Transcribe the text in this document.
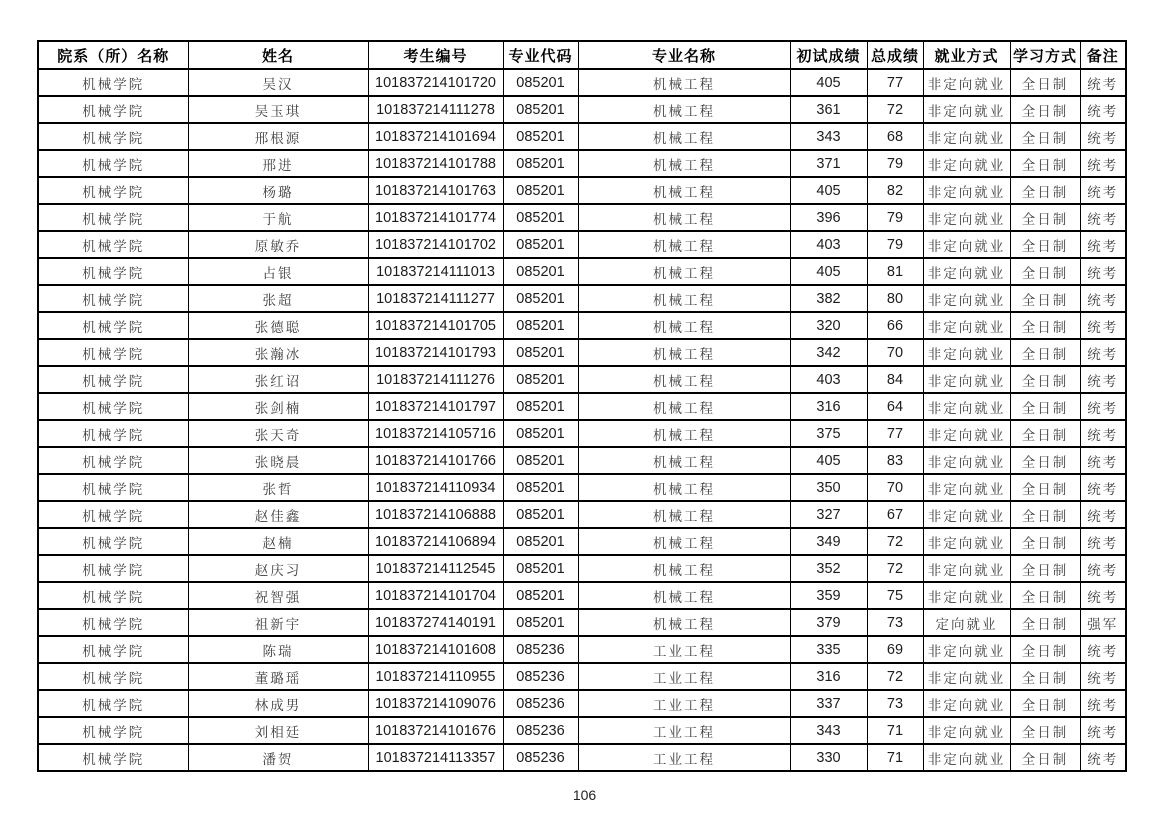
院系（所）名称	姓名	考生编号	专业代码	专业名称	初试成绩	总成绩	就业方式	学习方式	备注
机械学院	吴汉	101837214101720	085201	机械工程	405	77	非定向就业	全日制	统考
机械学院	吴玉琪	101837214111278	085201	机械工程	361	72	非定向就业	全日制	统考
机械学院	邢根源	101837214101694	085201	机械工程	343	68	非定向就业	全日制	统考
机械学院	邢进	101837214101788	085201	机械工程	371	79	非定向就业	全日制	统考
机械学院	杨璐	101837214101763	085201	机械工程	405	82	非定向就业	全日制	统考
机械学院	于航	101837214101774	085201	机械工程	396	79	非定向就业	全日制	统考
机械学院	原敏乔	101837214101702	085201	机械工程	403	79	非定向就业	全日制	统考
机械学院	占银	101837214111013	085201	机械工程	405	81	非定向就业	全日制	统考
机械学院	张超	101837214111277	085201	机械工程	382	80	非定向就业	全日制	统考
机械学院	张德聪	101837214101705	085201	机械工程	320	66	非定向就业	全日制	统考
机械学院	张瀚冰	101837214101793	085201	机械工程	342	70	非定向就业	全日制	统考
机械学院	张红诏	101837214111276	085201	机械工程	403	84	非定向就业	全日制	统考
机械学院	张剑楠	101837214101797	085201	机械工程	316	64	非定向就业	全日制	统考
机械学院	张天奇	101837214105716	085201	机械工程	375	77	非定向就业	全日制	统考
机械学院	张晓晨	101837214101766	085201	机械工程	405	83	非定向就业	全日制	统考
机械学院	张哲	101837214110934	085201	机械工程	350	70	非定向就业	全日制	统考
机械学院	赵佳鑫	101837214106888	085201	机械工程	327	67	非定向就业	全日制	统考
机械学院	赵楠	101837214106894	085201	机械工程	349	72	非定向就业	全日制	统考
机械学院	赵庆习	101837214112545	085201	机械工程	352	72	非定向就业	全日制	统考
机械学院	祝智强	101837214101704	085201	机械工程	359	75	非定向就业	全日制	统考
机械学院	祖新宇	101837274140191	085201	机械工程	379	73	定向就业	全日制	强军
机械学院	陈瑞	101837214101608	085236	工业工程	335	69	非定向就业	全日制	统考
机械学院	董璐瑶	101837214110955	085236	工业工程	316	72	非定向就业	全日制	统考
机械学院	林成男	101837214109076	085236	工业工程	337	73	非定向就业	全日制	统考
机械学院	刘相廷	101837214101676	085236	工业工程	343	71	非定向就业	全日制	统考
机械学院	潘贺	101837214113357	085236	工业工程	330	71	非定向就业	全日制	统考
106
